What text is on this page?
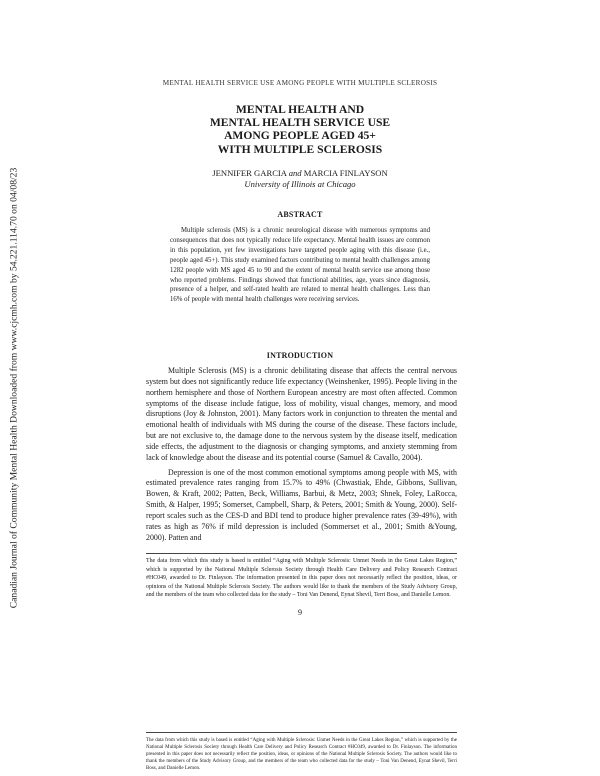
Canadian Journal of Community Mental Health Downloaded from www.cjcmh.com by 54.221.114.70 on 04/08/23
MENTAL HEALTH SERVICE USE AMONG PEOPLE WITH MULTIPLE SCLEROSIS
MENTAL HEALTH AND
MENTAL HEALTH SERVICE USE
AMONG PEOPLE AGED 45+
WITH MULTIPLE SCLEROSIS
JENNIFER GARCIA and MARCIA FINLAYSON
University of Illinois at Chicago
ABSTRACT

Multiple sclerosis (MS) is a chronic neurological disease with numerous symptoms and consequences that does not typically reduce life expectancy. Mental health issues are common in this population, yet few investigations have targeted people aging with this disease (i.e., people aged 45+). This study examined factors contributing to mental health challenges among 1282 people with MS aged 45 to 90 and the extent of mental health service use among those who reported problems. Findings showed that functional abilities, age, years since diagnosis, presence of a helper, and self-rated health are related to mental health challenges. Less than 16% of people with mental health challenges were receiving services.

INTRODUCTION

Multiple Sclerosis (MS) is a chronic debilitating disease that affects the central nervous system but does not significantly reduce life expectancy (Weinshenker, 1995). People living in the northern hemisphere and those of Northern European ancestry are most often affected. Common symptoms of the disease include fatigue, loss of mobility, visual changes, memory, and mood disruptions (Joy & Johnston, 2001). Many factors work in conjunction to threaten the mental and emotional health of individuals with MS during the course of the disease. These factors include, but are not exclusive to, the damage done to the nervous system by the disease itself, medication side effects, the adjustment to the diagnosis or changing symptoms, and anxiety stemming from lack of knowledge about the disease and its potential course (Samuel & Cavallo, 2004).

Depression is one of the most common emotional symptoms among people with MS, with estimated prevalence rates ranging from 15.7% to 49% (Chwastiak, Ehde, Gibbons, Sullivan, Bowen, & Kraft, 2002; Patten, Beck, Williams, Barbui, & Metz, 2003; Shnek, Foley, LaRocca, Smith, & Halper, 1995; Somerset, Campbell, Sharp, & Peters, 2001; Smith & Young, 2000). Self-report scales such as the CES-D and BDI tend to produce higher prevalence rates (39-49%), with rates as high as 76% if mild depression is included (Sommerset et al., 2001; Smith &Young, 2000). Patten and

The data from which this study is based is entitled “Aging with Multiple Sclerosis: Unmet Needs in the Great Lakes Region,” which is supported by the National Multiple Sclerosis Society through Health Care Delivery and Policy Research Contract #HC049, awarded to Dr. Finlayson. The information presented in this paper does not necessarily reflect the position, ideas, or opinions of the National Multiple Sclerosis Society. The authors would like to thank the members of the Study Advisory Group, and the members of the team who collected data for the study – Toni Van Denend, Eynat Shevil, Terri Boss, and Danielle Lemon.

9

The data from which this study is based is entitled “Aging with Multiple Sclerosis: Unmet Needs in the Great Lakes Region,” which is supported by the National Multiple Sclerosis Society through Health Care Delivery and Policy Research Contract #HC049, awarded to Dr. Finlayson. The information presented in this paper does not necessarily reflect the position, ideas, or opinions of the National Multiple Sclerosis Society. The authors would like to thank the members of the Study Advisory Group, and the members of the team who collected data for the study – Toni Van Denend, Eynat Shevil, Terri Boss, and Danielle Lemon.
